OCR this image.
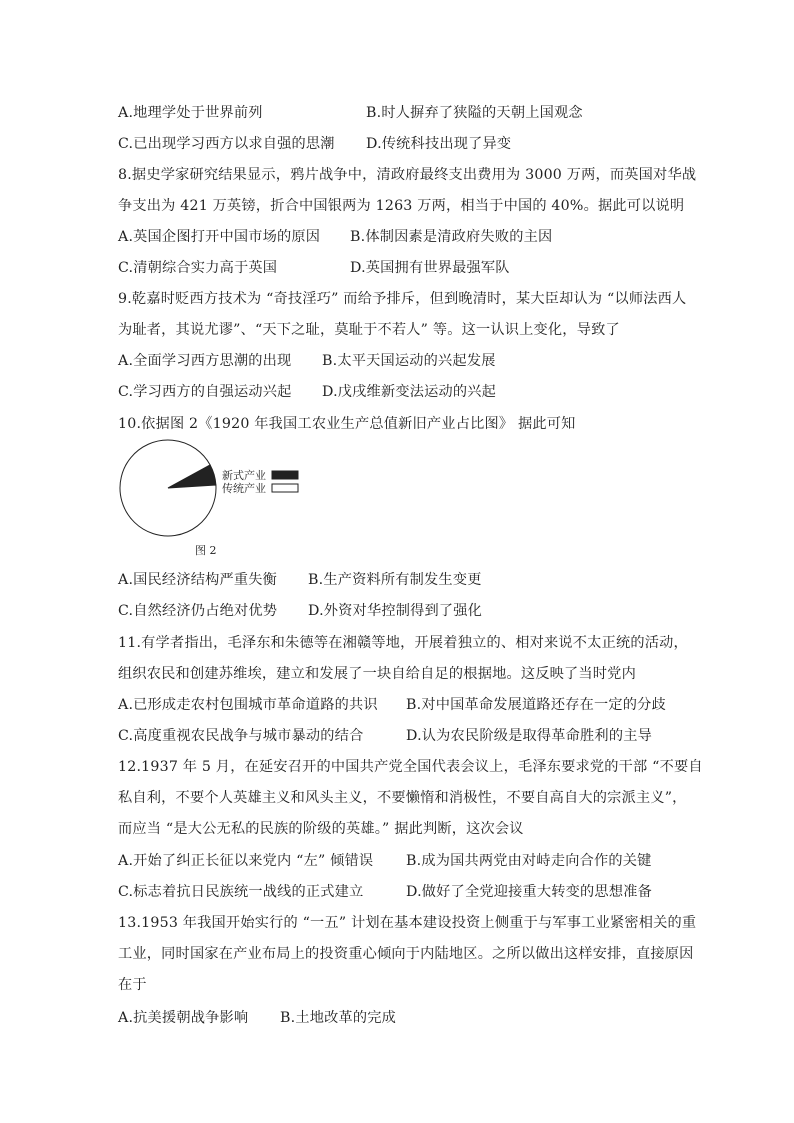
A.地理学处于世界前列	B.时人摒弃了狭隘的天朝上国观念
C.已出现学习西方以求自强的思潮 D.传统科技出现了异变
8.据史学家研究结果显示，鸦片战争中，清政府最终支出费用为 3000 万两，而英国对华战
争支出为 421 万英镑，折合中国银两为 1263 万两，相当于中国的 40%。据此可以说明
A.英国企图打开中国市场的原因 B.体制因素是清政府失败的主因
C.清朝综合实力高于英国	D.英国拥有世界最强军队
9.乾嘉时贬西方技术为 “奇技淫巧” 而给予排斥，但到晚清时，某大臣却认为 “以师法西人
为耻者，其说尤谬”、“天下之耻，莫耻于不若人” 等。这一认识上变化，导致了
A.全面学习西方思潮的出现 B.太平天国运动的兴起发展
C.学习西方的自强运动兴起 D.戊戌维新变法运动的兴起
10.依据图 2《1920 年我国工农业生产总值新旧产业占比图》 据此可知
新式产业
传统产业
图 2
A.国民经济结构严重失衡 B.生产资料所有制发生变更
C.自然经济仍占绝对优势 D.外资对华控制得到了强化
11.有学者指出，毛泽东和朱德等在湘赣等地，开展着独立的、相对来说不太正统的活动，
组织农民和创建苏维埃，建立和发展了一块自给自足的根据地。这反映了当时党内
A.已形成走农村包围城市革命道路的共识 B.对中国革命发展道路还存在一定的分歧
C.高度重视农民战争与城市暴动的结合	D.认为农民阶级是取得革命胜利的主导
12.1937 年 5 月，在延安召开的中国共产党全国代表会议上，毛泽东要求党的干部 “不要自
私自利，不要个人英雄主义和风头主义，不要懒惰和消极性，不要自高自大的宗派主义”，
而应当 “是大公无私的民族的阶级的英雄。” 据此判断，这次会议
A.开始了纠正长征以来党内 “左” 倾错误 B.成为国共两党由对峙走向合作的关键
C.标志着抗日民族统一战线的正式建立	D.做好了全党迎接重大转变的思想准备
13.1953 年我国开始实行的 “一五” 计划在基本建设投资上侧重于与军事工业紧密相关的重
工业，同时国家在产业布局上的投资重心倾向于内陆地区。之所以做出这样安排，直接原因
在于
A.抗美援朝战争影响 B.土地改革的完成
